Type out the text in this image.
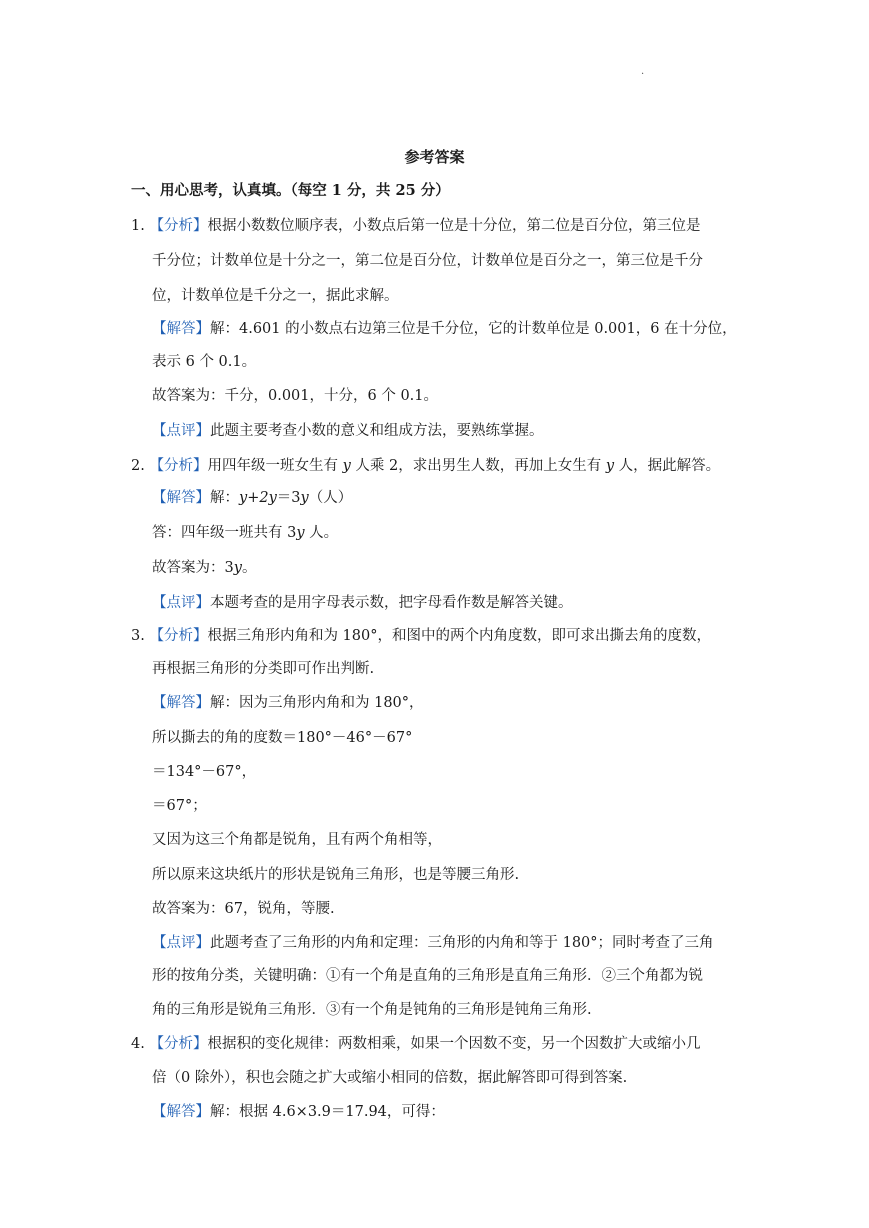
.
参考答案
一、用心思考，认真填。（每空 1 分，共 25 分）
1. 【分析】根据小数数位顺序表，小数点后第一位是十分位，第二位是百分位，第三位是
千分位；计数单位是十分之一，第二位是百分位，计数单位是百分之一，第三位是千分
位，计数单位是千分之一，据此求解。
【解答】解：4.601 的小数点右边第三位是千分位，它的计数单位是 0.001，6 在十分位，
表示 6 个 0.1。
故答案为：千分，0.001，十分，6 个 0.1。
【点评】此题主要考查小数的意义和组成方法，要熟练掌握。
2. 【分析】用四年级一班女生有 y 人乘 2，求出男生人数，再加上女生有 y 人，据此解答。
【解答】解：y+2y＝3y（人）
答：四年级一班共有 3y 人。
故答案为：3y。
【点评】本题考查的是用字母表示数，把字母看作数是解答关键。
3. 【分析】根据三角形内角和为 180°，和图中的两个内角度数，即可求出撕去角的度数，
再根据三角形的分类即可作出判断.
【解答】解：因为三角形内角和为 180°，
所以撕去的角的度数＝180°－46°－67°
＝134°－67°，
＝67°；
又因为这三个角都是锐角，且有两个角相等，
所以原来这块纸片的形状是锐角三角形，也是等腰三角形.
故答案为：67，锐角，等腰.
【点评】此题考查了三角形的内角和定理：三角形的内角和等于 180°；同时考查了三角
形的按角分类，关键明确：①有一个角是直角的三角形是直角三角形．②三个角都为锐
角的三角形是锐角三角形．③有一个角是钝角的三角形是钝角三角形.
4. 【分析】根据积的变化规律：两数相乘，如果一个因数不变，另一个因数扩大或缩小几
倍（0 除外），积也会随之扩大或缩小相同的倍数，据此解答即可得到答案.
【解答】解：根据 4.6×3.9＝17.94，可得：
